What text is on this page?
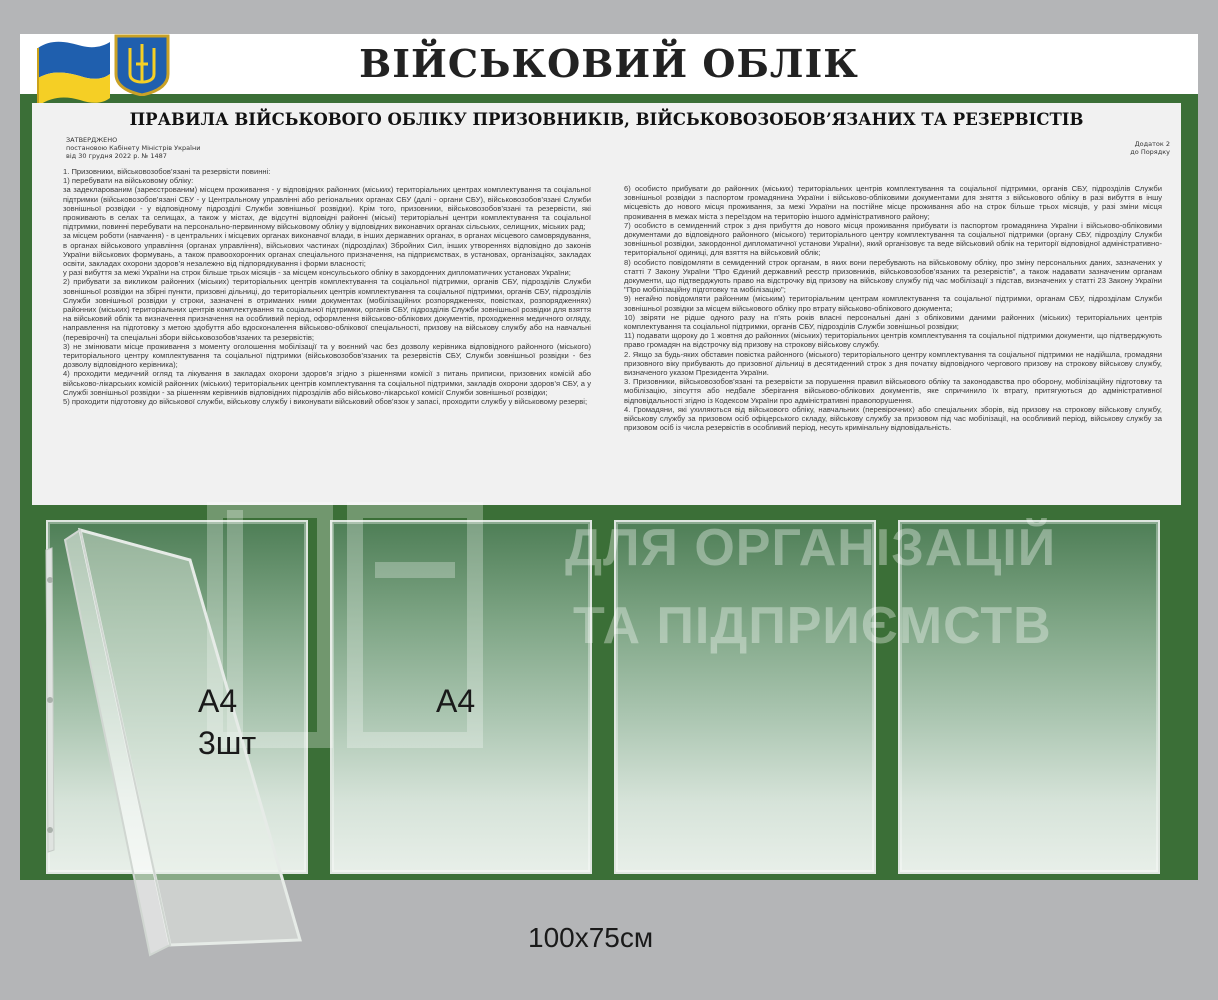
ВІЙСЬКОВИЙ ОБЛІК
ПРАВИЛА ВІЙСЬКОВОГО ОБЛІКУ ПРИЗОВНИКІВ, ВІЙСЬКОВОЗОБОВ’ЯЗАНИХ ТА РЕЗЕРВІСТІВ
ЗАТВЕРДЖЕНО
постановою Кабінету Міністрів України
від 30 грудня 2022 р. № 1487
Додаток 2
до Порядку
1. Призовники, військовозобов’язані та резервісти повинні:
1) перебувати на військовому обліку:
за задекларованим (зареєстрованим) місцем проживання - у відповідних районних (міських) територіальних центрах комплектування та соціальної підтримки (військовозобов’язані СБУ - у Центральному управлінні або регіональних органах СБУ (далі - органи СБУ), військовозобов’язані Служби зовнішньої розвідки - у відповідному підрозділі Служби зовнішньої розвідки). Крім того, призовники, військовозобов’язані та резервісти, які проживають в селах та селищах, а також у містах, де відсутні відповідні районні (міські) територіальні центри комплектування та соціальної підтримки, повинні перебувати на персонально-первинному військовому обліку у відповідних виконавчих органах сільських, селищних, міських рад;
за місцем роботи (навчання) - в центральних і місцевих органах виконавчої влади, в інших державних органах, в органах місцевого самоврядування, в органах військового управління (органах управління), військових частинах (підрозділах) Збройних Сил, інших утвореннях відповідно до законів України військових формувань, а також правоохоронних органах спеціального призначення, на підприємствах, в установах, організаціях, закладах освіти, закладах охорони здоров’я незалежно від підпорядкування і форми власності;
у разі вибуття за межі України на строк більше трьох місяців - за місцем консульського обліку в закордонних дипломатичних установах України;
2) прибувати за викликом районних (міських) територіальних центрів комплектування та соціальної підтримки, органів СБУ, підрозділів Служби зовнішньої розвідки на збірні пункти, призовні дільниці, до територіальних центрів комплектування та соціальної підтримки, органів СБУ, підрозділів Служби зовнішньої розвідки у строки, зазначені в отриманих ними документах (мобілізаційних розпорядженнях, повістках, розпорядженнях) районних (міських) територіальних центрів комплектування та соціальної підтримки, органів СБУ, підрозділів Служби зовнішньої розвідки для взяття на військовий облік та визначення призначення на особливий період, оформлення військово-облікових документів, проходження медичного огляду, направлення на підготовку з метою здобуття або вдосконалення військово-облікової спеціальності, призову на військову службу або на навчальні (перевірочні) та спеціальні збори військовозобов’язаних та резервістів;
3) не змінювати місце проживання з моменту оголошення мобілізації та у воєнний час без дозволу керівника відповідного районного (міського) територіального центру комплектування та соціальної підтримки (військовозобов’язаних та резервістів СБУ, Служби зовнішньої розвідки - без дозволу відповідного керівника);
4) проходити медичний огляд та лікування в закладах охорони здоров’я згідно з рішеннями комісії з питань приписки, призовних комісій або військово-лікарських комісій районних (міських) територіальних центрів комплектування та соціальної підтримки, закладів охорони здоров’я СБУ, а у Службі зовнішньої розвідки - за рішенням керівників відповідних підрозділів або військово-лікарської комісії Служби зовнішньої розвідки;
5) проходити підготовку до військової служби, військову службу і виконувати військовий обов’язок у запасі, проходити службу у військовому резерві;
6) особисто прибувати до районних (міських) територіальних центрів комплектування та соціальної підтримки, органів СБУ, підрозділів Служби зовнішньої розвідки з паспортом громадянина України і військово-обліковими документами для зняття з військового обліку в разі вибуття в іншу місцевість до нового місця проживання, за межі України на постійне місце проживання або на строк більше трьох місяців, у разі зміни місця проживання в межах міста з переїздом на територію іншого адміністративного району;
7) особисто в семиденний строк з дня прибуття до нового місця проживання прибувати із паспортом громадянина України і військово-обліковими документами до відповідного районного (міського) територіального центру комплектування та соціальної підтримки (органу СБУ, підрозділу Служби зовнішньої розвідки, закордонної дипломатичної установи України), який організовує та веде військовий облік на території відповідної адміністративно-територіальної одиниці, для взяття на військовий облік;
8) особисто повідомляти в семиденний строк органам, в яких вони перебувають на військовому обліку, про зміну персональних даних, зазначених у статті 7 Закону України "Про Єдиний державний реєстр призовників, військовозобов’язаних та резервістів", а також надавати зазначеним органам документи, що підтверджують право на відстрочку від призову на військову службу під час мобілізації з підстав, визначених у статті 23 Закону України "Про мобілізаційну підготовку та мобілізацію";
9) негайно повідомляти районним (міським) територіальним центрам комплектування та соціальної підтримки, органам СБУ, підрозділам Служби зовнішньої розвідки за місцем військового обліку про втрату військово-облікового документа;
10) звіряти не рідше одного разу на п’ять років власні персональні дані з обліковими даними районних (міських) територіальних центрів комплектування та соціальної підтримки, органів СБУ, підрозділів Служби зовнішньої розвідки;
11) подавати щороку до 1 жовтня до районних (міських) територіальних центрів комплектування та соціальної підтримки документи, що підтверджують право громадян на відстрочку від призову на строкову військову службу.
2. Якщо за будь-яких обставин повістка районного (міського) територіального центру комплектування та соціальної підтримки не надійшла, громадяни призовного віку прибувають до призовної дільниці в десятиденний строк з дня початку відповідного чергового призову на строкову військову службу, визначеного указом Президента України.
3. Призовники, військовозобов’язані та резервісти за порушення правил військового обліку та законодавства про оборону, мобілізаційну підготовку та мобілізацію, зіпсуття або недбале зберігання військово-облікових документів, яке спричинило їх втрату, притягуються до адміністративної відповідальності згідно із Кодексом України про адміністративні правопорушення.
4. Громадяни, які ухиляються від військового обліку, навчальних (перевірочних) або спеціальних зборів, від призову на строкову військову службу, військову службу за призовом осіб офіцерського складу, військову службу за призовом під час мобілізації, на особливий період, військову службу за призовом осіб із числа резервістів в особливий період, несуть кримінальну відповідальність.
ДЛЯ ОРГАНІЗАЦІЙ
ТА ПІДПРИЄМСТВ
A4
3шт
A4
100х75см
